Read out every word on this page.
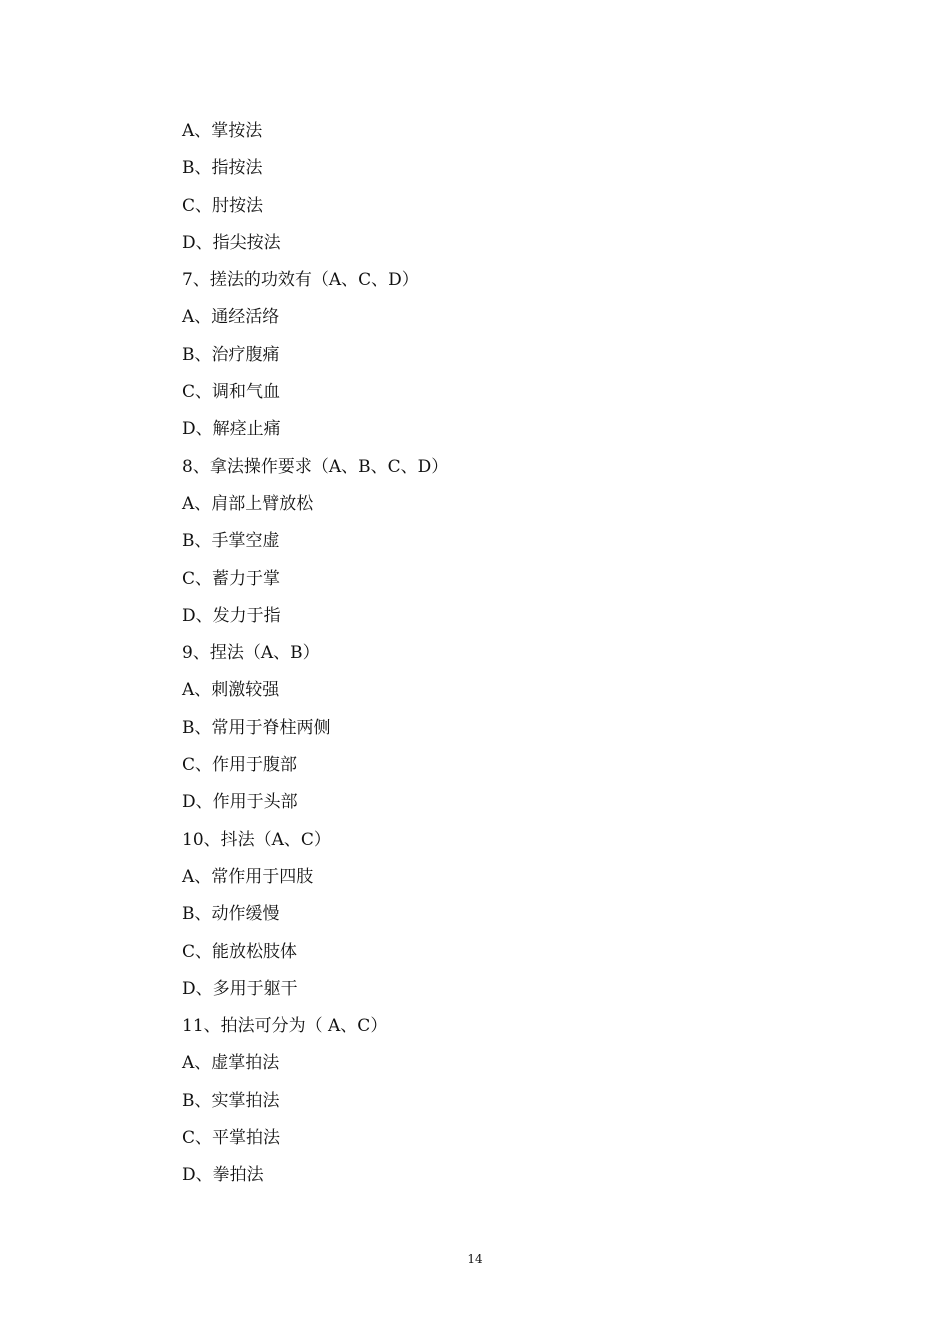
A、掌按法
B、指按法
C、肘按法
D、指尖按法
7、搓法的功效有（A、C、D）
A、通经活络
B、治疗腹痛
C、调和气血
D、解痉止痛
8、拿法操作要求（A、B、C、D）
A、肩部上臂放松
B、手掌空虚
C、蓄力于掌
D、发力于指
9、捏法（A、B）
A、刺激较强
B、常用于脊柱两侧
C、作用于腹部
D、作用于头部
10、抖法（A、C）
A、常作用于四肢
B、动作缓慢
C、能放松肢体
D、多用于躯干
11、拍法可分为（ A、C）
A、虚掌拍法
B、实掌拍法
C、平掌拍法
D、拳拍法
14
